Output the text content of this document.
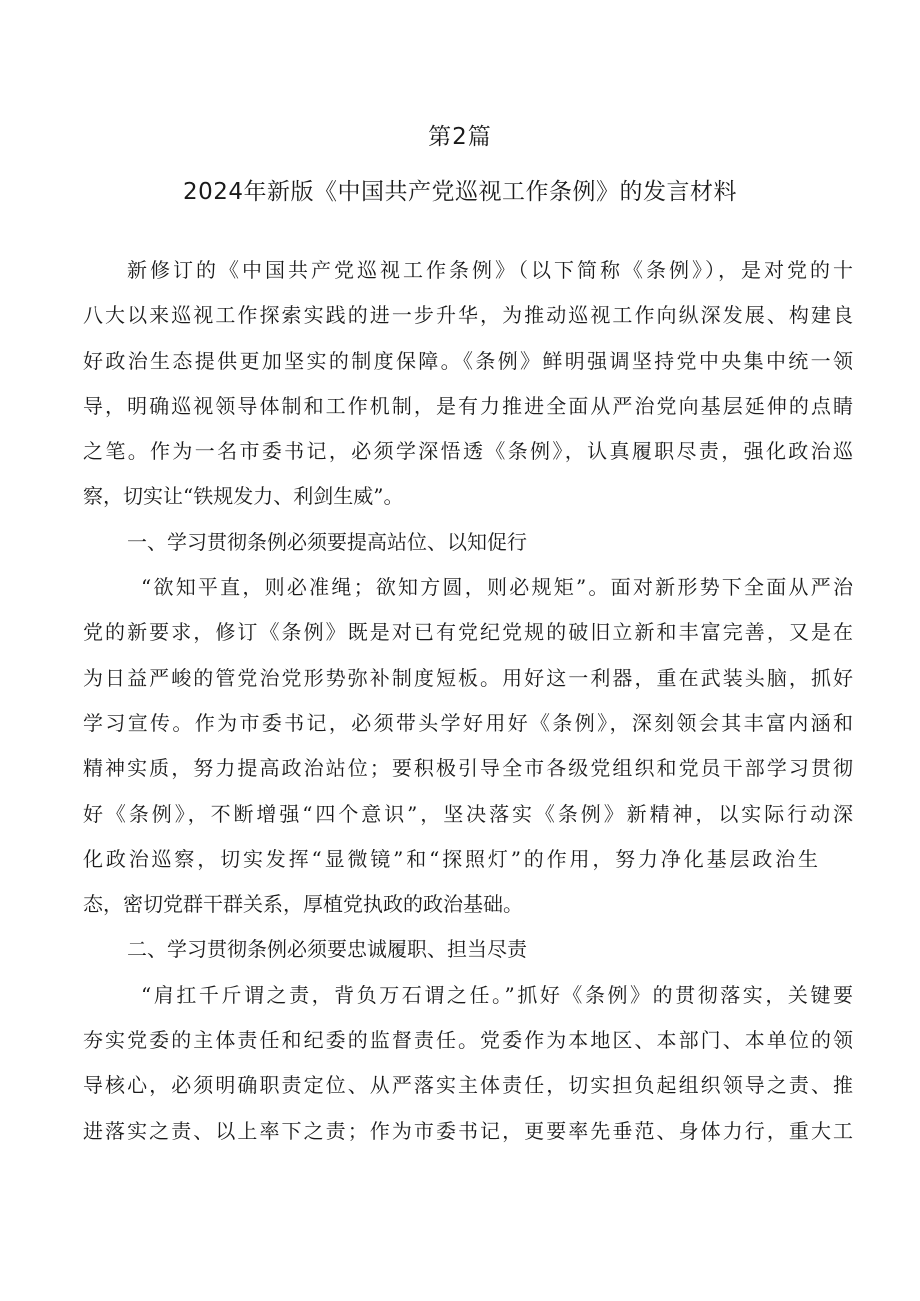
第2篇
2024年新版《中国共产党巡视工作条例》的发言材料
新修订的《中国共产党巡视工作条例》（以下简称《条例》），是对党的十
八大以来巡视工作探索实践的进一步升华，为推动巡视工作向纵深发展、构建良
好政治生态提供更加坚实的制度保障。《条例》鲜明强调坚持党中央集中统一领
导，明确巡视领导体制和工作机制，是有力推进全面从严治党向基层延伸的点睛
之笔。作为一名市委书记，必须学深悟透《条例》，认真履职尽责，强化政治巡
察，切实让“铁规发力、利剑生威”。
一、学习贯彻条例必须要提高站位、以知促行
“欲知平直，则必准绳；欲知方圆，则必规矩”。面对新形势下全面从严治
党的新要求，修订《条例》既是对已有党纪党规的破旧立新和丰富完善，又是在
为日益严峻的管党治党形势弥补制度短板。用好这一利器，重在武装头脑，抓好
学习宣传。作为市委书记，必须带头学好用好《条例》，深刻领会其丰富内涵和
精神实质，努力提高政治站位；要积极引导全市各级党组织和党员干部学习贯彻
好《条例》，不断增强“四个意识”，坚决落实《条例》新精神，以实际行动深
化政治巡察，切实发挥“显微镜”和“探照灯”的作用，努力净化基层政治生
态，密切党群干群关系，厚植党执政的政治基础。
二、学习贯彻条例必须要忠诚履职、担当尽责
“肩扛千斤谓之责，背负万石谓之任。”抓好《条例》的贯彻落实，关键要
夯实党委的主体责任和纪委的监督责任。党委作为本地区、本部门、本单位的领
导核心，必须明确职责定位、从严落实主体责任，切实担负起组织领导之责、推
进落实之责、以上率下之责；作为市委书记，更要率先垂范、身体力行，重大工
